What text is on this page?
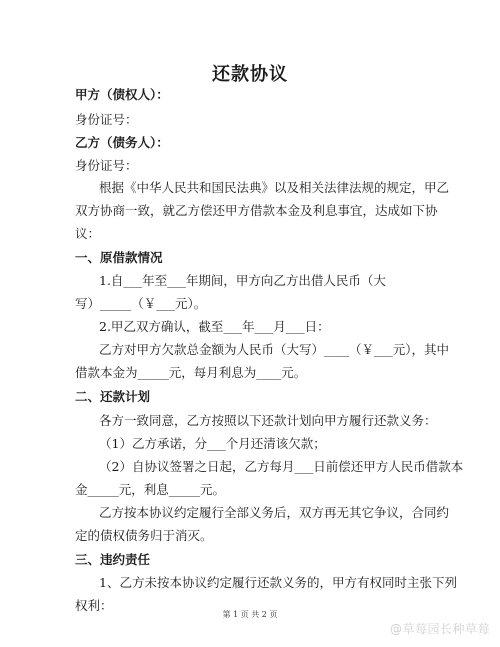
还款协议
甲方（债权人）：
身份证号：
乙方（债务人）：
身份证号：
根据《中华人民共和国民法典》以及相关法律法规的规定，甲乙
双方协商一致，就乙方偿还甲方借款本金及利息事宜，达成如下协
议：
一、原借款情况
1.自___年至___年期间，甲方向乙方出借人民币（大
写）_____（￥___元）。
2.甲乙双方确认，截至___年___月___日：
乙方对甲方欠款总金额为人民币（大写）____（￥___元），其中
借款本金为_____元，每月利息为____元。
二、还款计划
各方一致同意，乙方按照以下还款计划向甲方履行还款义务：
（1）乙方承诺，分___个月还清该欠款；
（2）自协议签署之日起，乙方每月___日前偿还甲方人民币借款本
金_____元，利息_____元。
乙方按本协议约定履行全部义务后，双方再无其它争议，合同约
定的债权债务归于消灭。
三、违约责任
1、乙方未按本协议约定履行还款义务的，甲方有权同时主张下列
权利：
第 1 页 共 2 页
@草莓园长种草莓
